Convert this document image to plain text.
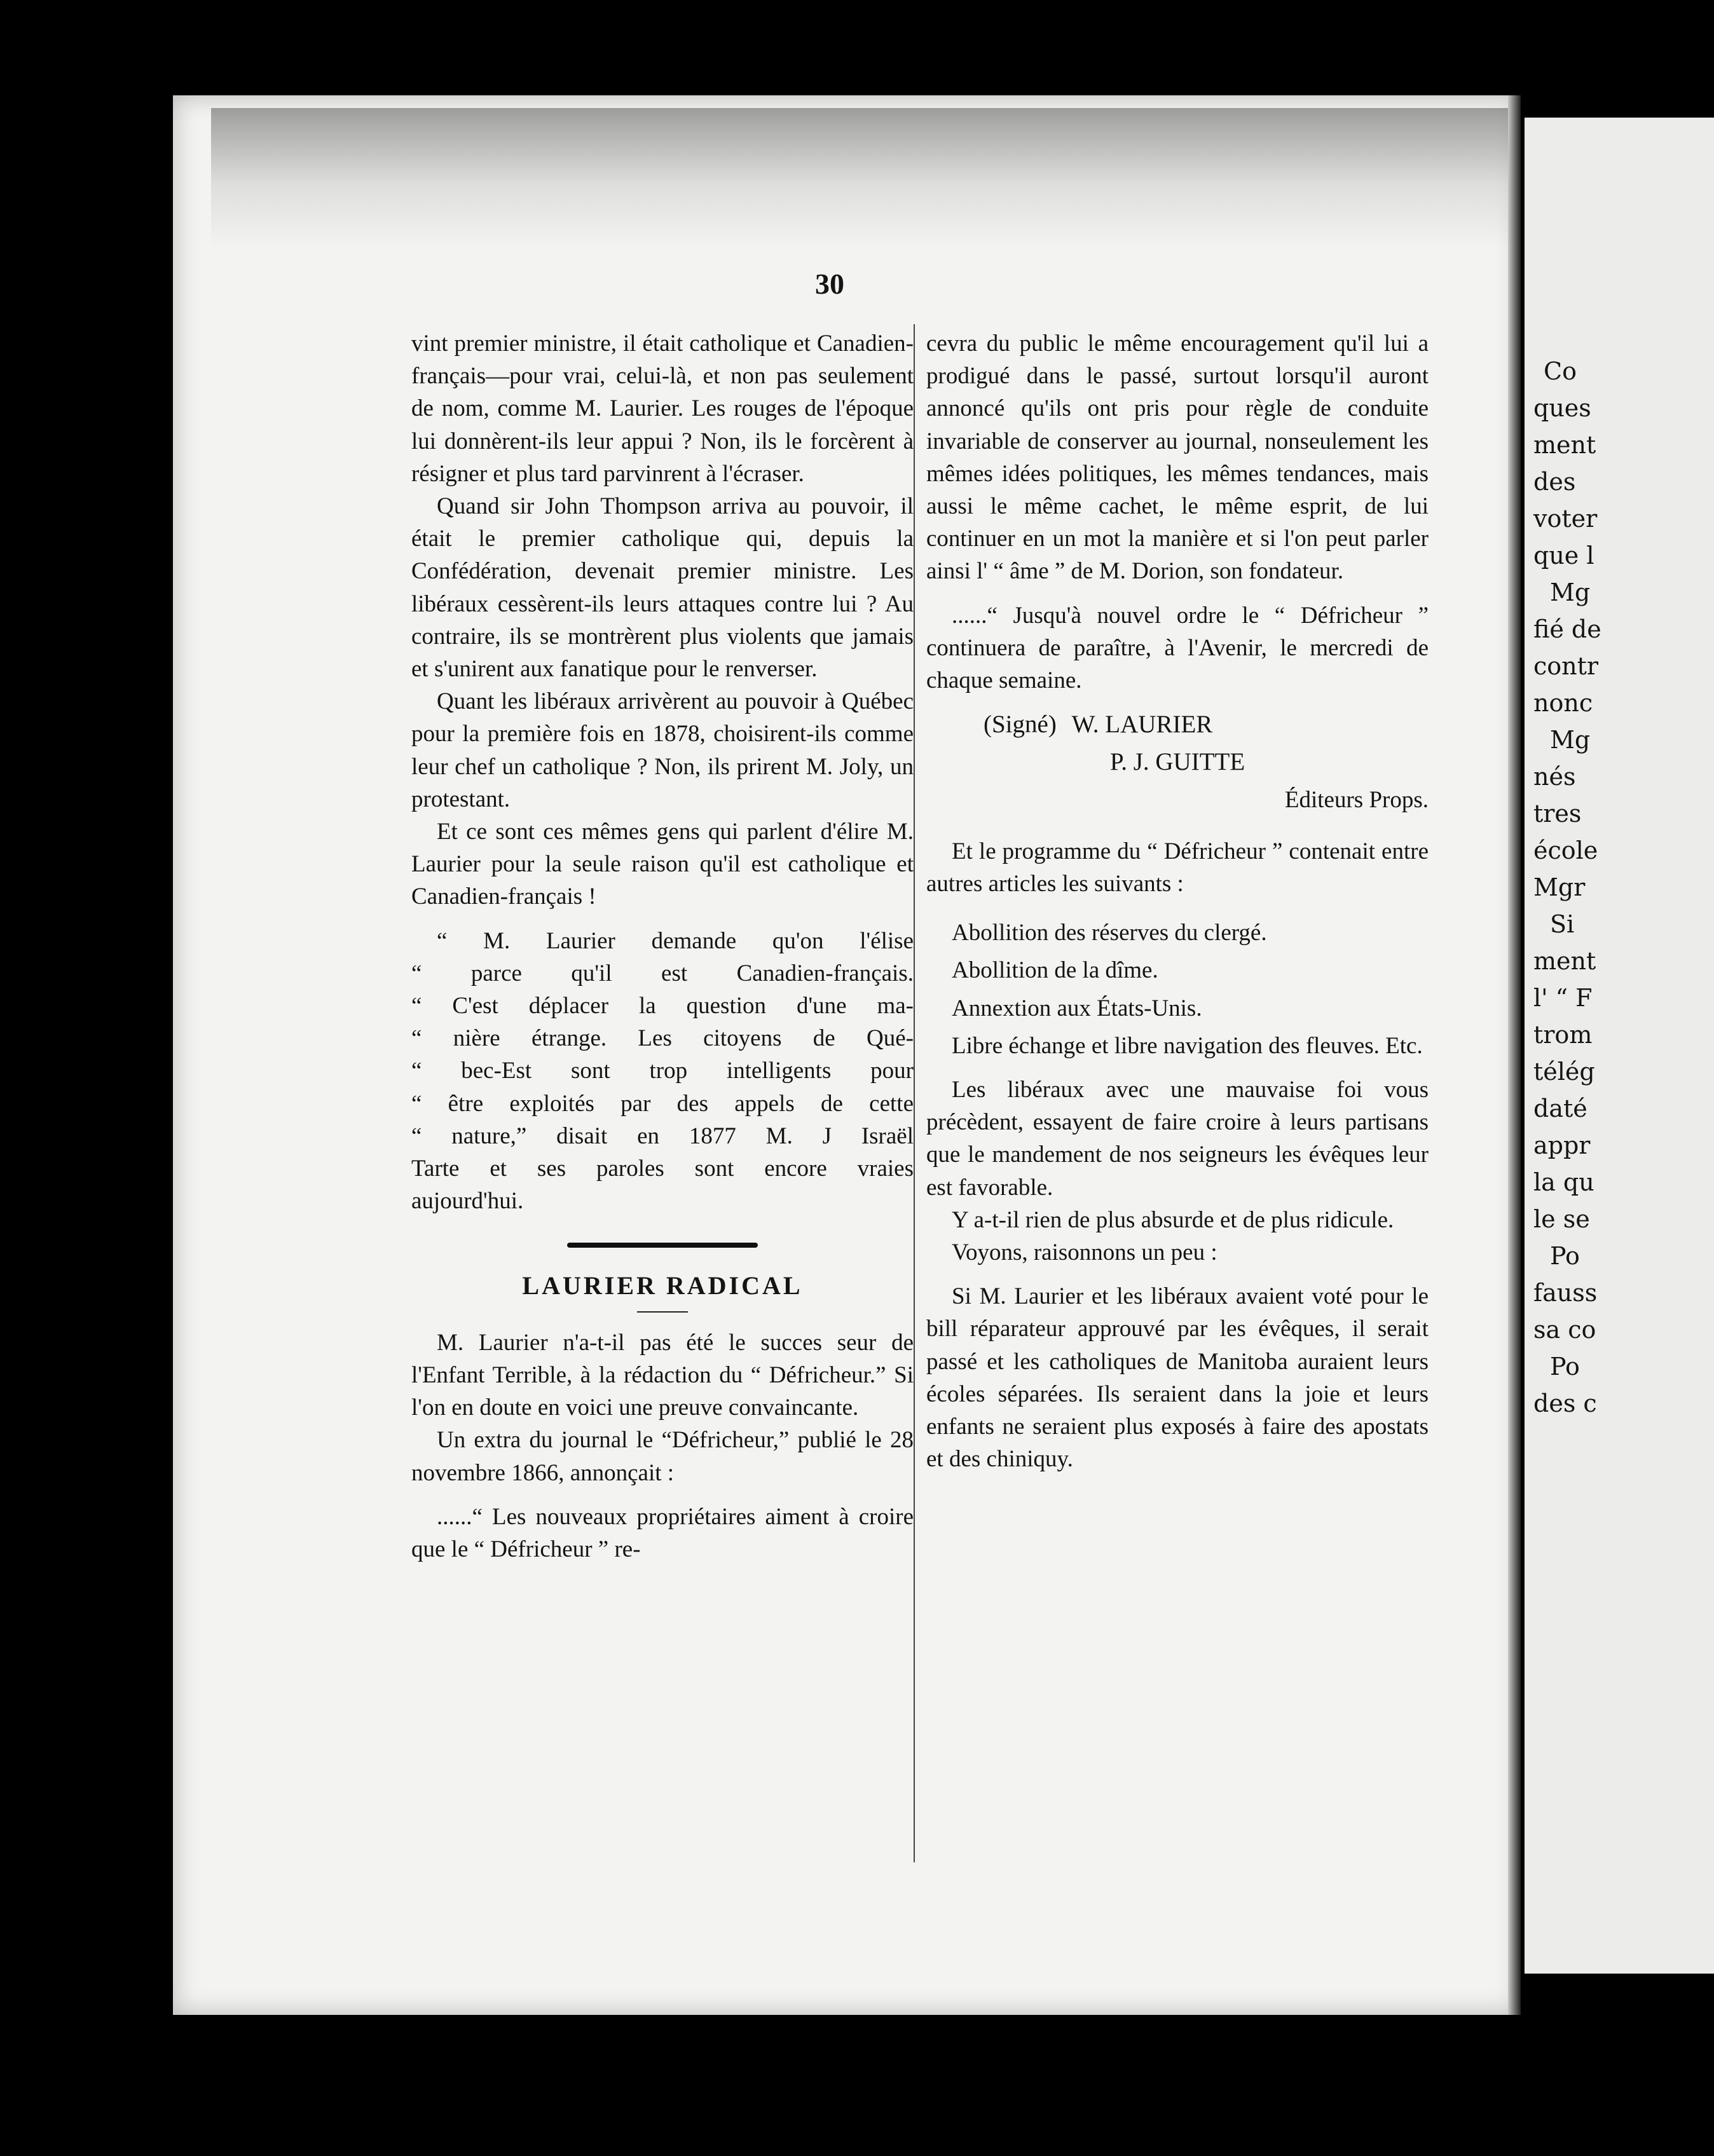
30

vint premier ministre, il était catholique et Canadien-français—pour vrai, celui-là, et non pas seulement de nom, comme M. Laurier. Les rouges de l'époque lui donnèrent-ils leur appui ? Non, ils le forcèrent à résigner et plus tard parvinrent à l'écraser.

Quand sir John Thompson arriva au pouvoir, il était le premier catholique qui, depuis la Confédération, devenait premier ministre. Les libéraux cessèrent-ils leurs attaques contre lui ? Au contraire, ils se montrèrent plus violents que jamais et s'unirent aux fanatique pour le renverser.

Quant les libéraux arrivèrent au pouvoir à Québec pour la première fois en 1878, choisirent-ils comme leur chef un catholique ? Non, ils prirent M. Joly, un protestant.

Et ce sont ces mêmes gens qui parlent d'élire M. Laurier pour la seule raison qu'il est catholique et Canadien-français !

“ M. Laurier demande qu'on l'élise

“ parce qu'il est Canadien-français.

“ C'est déplacer la question d'une ma-

“ nière étrange. Les citoyens de Qué-

“ bec-Est sont trop intelligents pour

“ être exploités par des appels de cette

“ nature,” disait en 1877 M. J Israël

Tarte et ses paroles sont encore vraies

aujourd'hui.

LAURIER RADICAL

M. Laurier n'a-t-il pas été le succes seur de l'Enfant Terrible, à la rédaction du “ Défricheur.” Si l'on en doute en voici une preuve convaincante.

Un extra du journal le “Défricheur,” publié le 28 novembre 1866, annonçait :

......“ Les nouveaux propriétaires aiment à croire que le “ Défricheur ” re-

cevra du public le même encouragement qu'il lui a prodigué dans le passé, surtout lorsqu'il auront annoncé qu'ils ont pris pour règle de conduite invariable de conserver au journal, nonseulement les mêmes idées politiques, les mêmes tendances, mais aussi le même cachet, le même esprit, de lui continuer en un mot la manière et si l'on peut parler ainsi l' “ âme ” de M. Dorion, son fondateur.

......“ Jusqu'à nouvel ordre le “ Défricheur ” continuera de paraître, à l'Avenir, le mercredi de chaque semaine.

(Signé) W. LAURIER
P. J. GUITTE
Éditeurs Props.

Et le programme du “ Défricheur ” contenait entre autres articles les suivants :

Abollition des réserves du clergé.

Abollition de la dîme.

Annextion aux États-Unis.

Libre échange et libre navigation des fleuves. Etc.

Les libéraux avec une mauvaise foi vous précèdent, essayent de faire croire à leurs partisans que le mandement de nos seigneurs les évêques leur est favorable.

Y a-t-il rien de plus absurde et de plus ridicule.

Voyons, raisonnons un peu :

Si M. Laurier et les libéraux avaient voté pour le bill réparateur approuvé par les évêques, il serait passé et les catholiques de Manitoba auraient leurs écoles séparées. Ils seraient dans la joie et leurs enfants ne seraient plus exposés à faire des apostats et des chiniquy.

Co

ques

ment

des

voter

que l

Mg

fié de

contr

nonc

Mg

nés

tres

école

Mgr

Si

ment

l' “ F

trom

télég

daté

appr

la qu

le se

Po

fauss

sa co

Po

des c
